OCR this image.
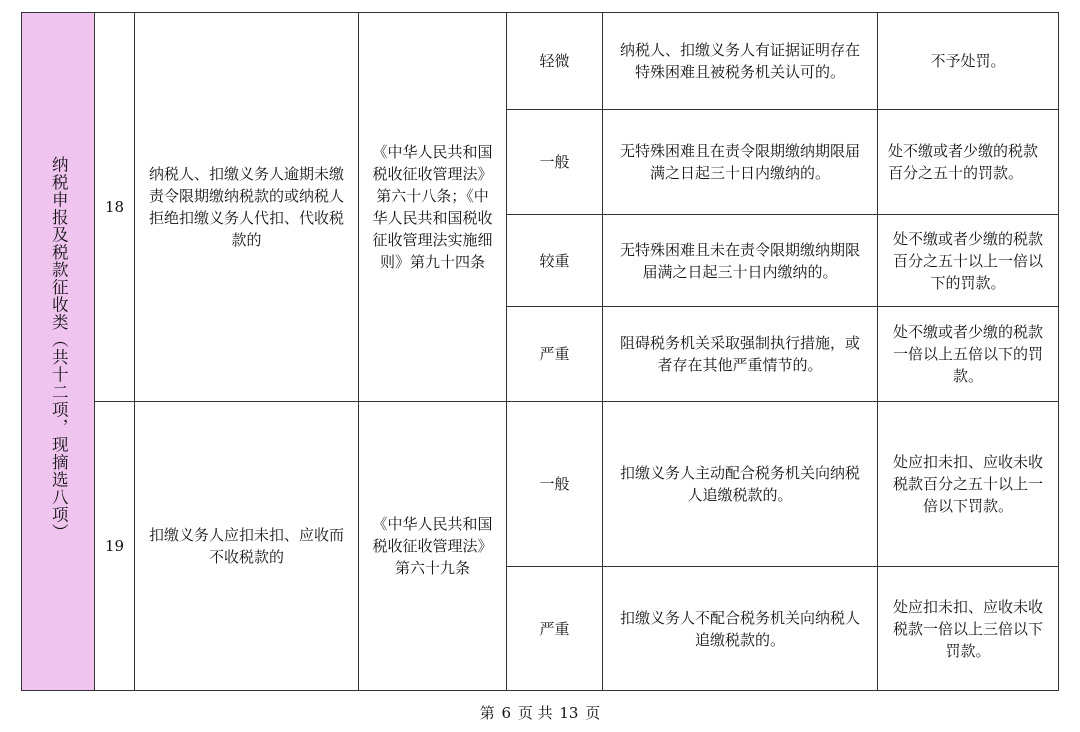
纳税申报及税款征收类（共十二项，现摘选八项）	18	纳税人、扣缴义务人逾期未缴责令限期缴纳税款的或纳税人拒绝扣缴义务人代扣、代收税款的	《中华人民共和国税收征收管理法》第六十八条；《中华人民共和国税收征收管理法实施细则》第九十四条	轻微	纳税人、扣缴义务人有证据证明存在特殊困难且被税务机关认可的。	不予处罚。
				一般	无特殊困难且在责令限期缴纳期限届满之日起三十日内缴纳的。	处不缴或者少缴的税款百分之五十的罚款。
				较重	无特殊困难且未在责令限期缴纳期限届满之日起三十日内缴纳的。	处不缴或者少缴的税款百分之五十以上一倍以下的罚款。
				严重	阻碍税务机关采取强制执行措施，或者存在其他严重情节的。	处不缴或者少缴的税款一倍以上五倍以下的罚款。
	19	扣缴义务人应扣未扣、应收而不收税款的	《中华人民共和国税收征收管理法》第六十九条	一般	扣缴义务人主动配合税务机关向纳税人追缴税款的。	处应扣未扣、应收未收税款百分之五十以上一倍以下罚款。
				严重	扣缴义务人不配合税务机关向纳税人追缴税款的。	处应扣未扣、应收未收税款一倍以上三倍以下罚款。
第 6 页 共 13 页
